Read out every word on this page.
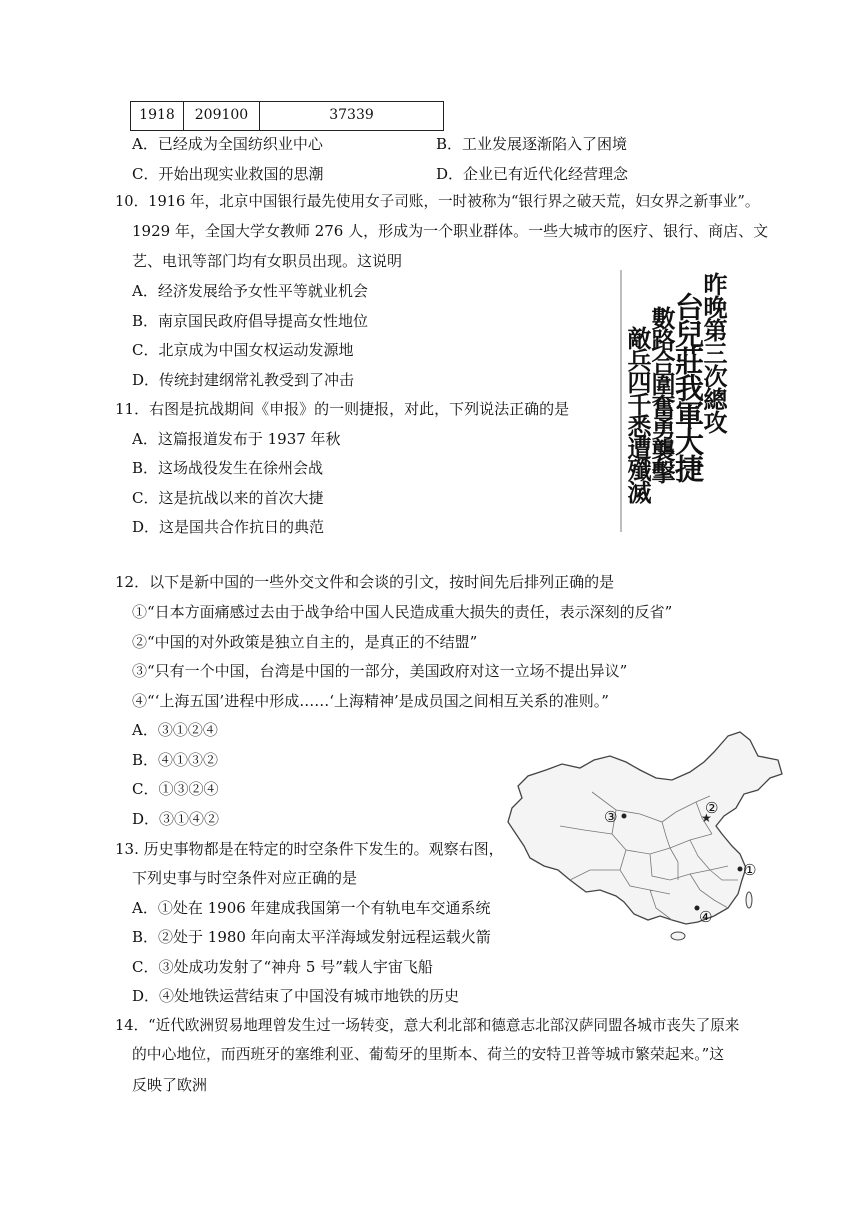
1918	209100	37339
A．已经成为全国纺织业中心	B．工业发展逐渐陷入了困境
C．开始出现实业救国的思潮	D．企业已有近代化经营理念
10．1916 年，北京中国银行最先使用女子司账，一时被称为“银行界之破天荒，妇女界之新事业”。
1929 年，全国大学女教师 276 人，形成为一个职业群体。一些大城市的医疗、银行、商店、文
艺、电讯等部门均有女职员出现。这说明
A．经济发展给予女性平等就业机会
B．南京国民政府倡导提高女性地位
C．北京成为中国女权运动发源地
D．传统封建纲常礼教受到了冲击	昨晚第三次總攻
台兒莊我軍大捷
數路合圍奮勇襲擊
敵兵四千悉遭殲滅
11．右图是抗战期间《申报》的一则捷报，对此，下列说法正确的是
A．这篇报道发布于 1937 年秋
B．这场战役发生在徐州会战
C．这是抗战以来的首次大捷
D．这是国共合作抗日的典范
12．以下是新中国的一些外交文件和会谈的引文，按时间先后排列正确的是
①“日本方面痛感过去由于战争给中国人民造成重大损失的责任，表示深刻的反省”
②“中国的对外政策是独立自主的，是真正的不结盟”
③“只有一个中国，台湾是中国的一部分，美国政府对这一立场不提出异议”
④“‘上海五国’进程中形成……‘上海精神’是成员国之间相互关系的准则。”
A．③①②④
B．④①③②
C．①③②④
D．③①④②	★
②
③
①
④
13. 历史事物都是在特定的时空条件下发生的。观察右图，
下列史事与时空条件对应正确的是
A．①处在 1906 年建成我国第一个有轨电车交通系统
B．②处于 1980 年向南太平洋海域发射远程运载火箭
C．③处成功发射了“神舟 5 号”载人宇宙飞船
D．④处地铁运营结束了中国没有城市地铁的历史
14．“近代欧洲贸易地理曾发生过一场转变，意大利北部和德意志北部汉萨同盟各城市丧失了原来
的中心地位，而西班牙的塞维利亚、葡萄牙的里斯本、荷兰的安特卫普等城市繁荣起来。”这
反映了欧洲
